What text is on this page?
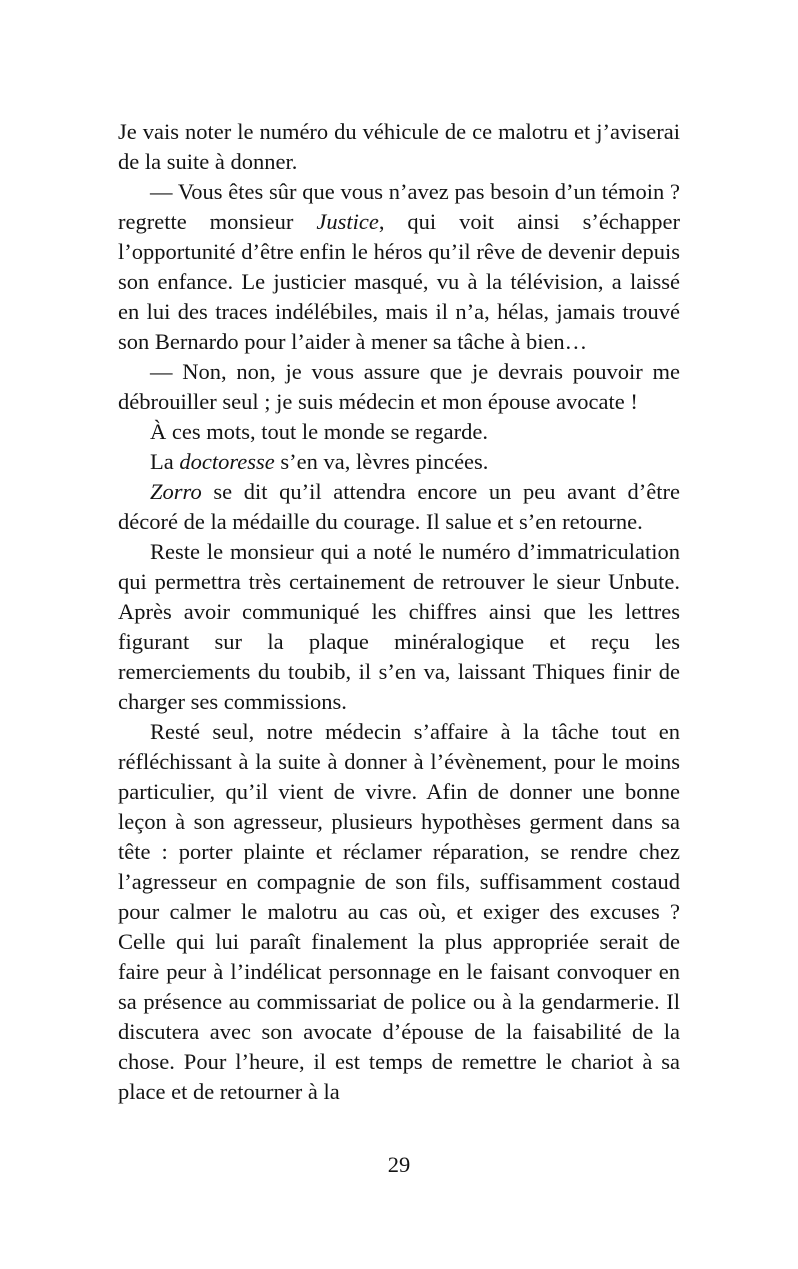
Je vais noter le numéro du véhicule de ce malotru et j’aviserai de la suite à donner.

— Vous êtes sûr que vous n’avez pas besoin d’un témoin ? regrette monsieur Justice, qui voit ainsi s’échapper l’opportunité d’être enfin le héros qu’il rêve de devenir depuis son enfance. Le justicier masqué, vu à la télévision, a laissé en lui des traces indélébiles, mais il n’a, hélas, jamais trouvé son Bernardo pour l’aider à mener sa tâche à bien…

— Non, non, je vous assure que je devrais pouvoir me débrouiller seul ; je suis médecin et mon épouse avocate !

À ces mots, tout le monde se regarde.

La doctoresse s’en va, lèvres pincées.

Zorro se dit qu’il attendra encore un peu avant d’être décoré de la médaille du courage. Il salue et s’en retourne.

Reste le monsieur qui a noté le numéro d’immatriculation qui permettra très certainement de retrouver le sieur Unbute. Après avoir communiqué les chiffres ainsi que les lettres figurant sur la plaque minéralogique et reçu les remerciements du toubib, il s’en va, laissant Thiques finir de charger ses commissions.

Resté seul, notre médecin s’affaire à la tâche tout en réfléchissant à la suite à donner à l’évènement, pour le moins particulier, qu’il vient de vivre. Afin de donner une bonne leçon à son agresseur, plusieurs hypothèses germent dans sa tête : porter plainte et réclamer réparation, se rendre chez l’agresseur en compagnie de son fils, suffisamment costaud pour calmer le malotru au cas où, et exiger des excuses ? Celle qui lui paraît finalement la plus appropriée serait de faire peur à l’indélicat personnage en le faisant convoquer en sa présence au commissariat de police ou à la gendarmerie. Il discutera avec son avocate d’épouse de la faisabilité de la chose. Pour l’heure, il est temps de remettre le chariot à sa place et de retourner à la

29
